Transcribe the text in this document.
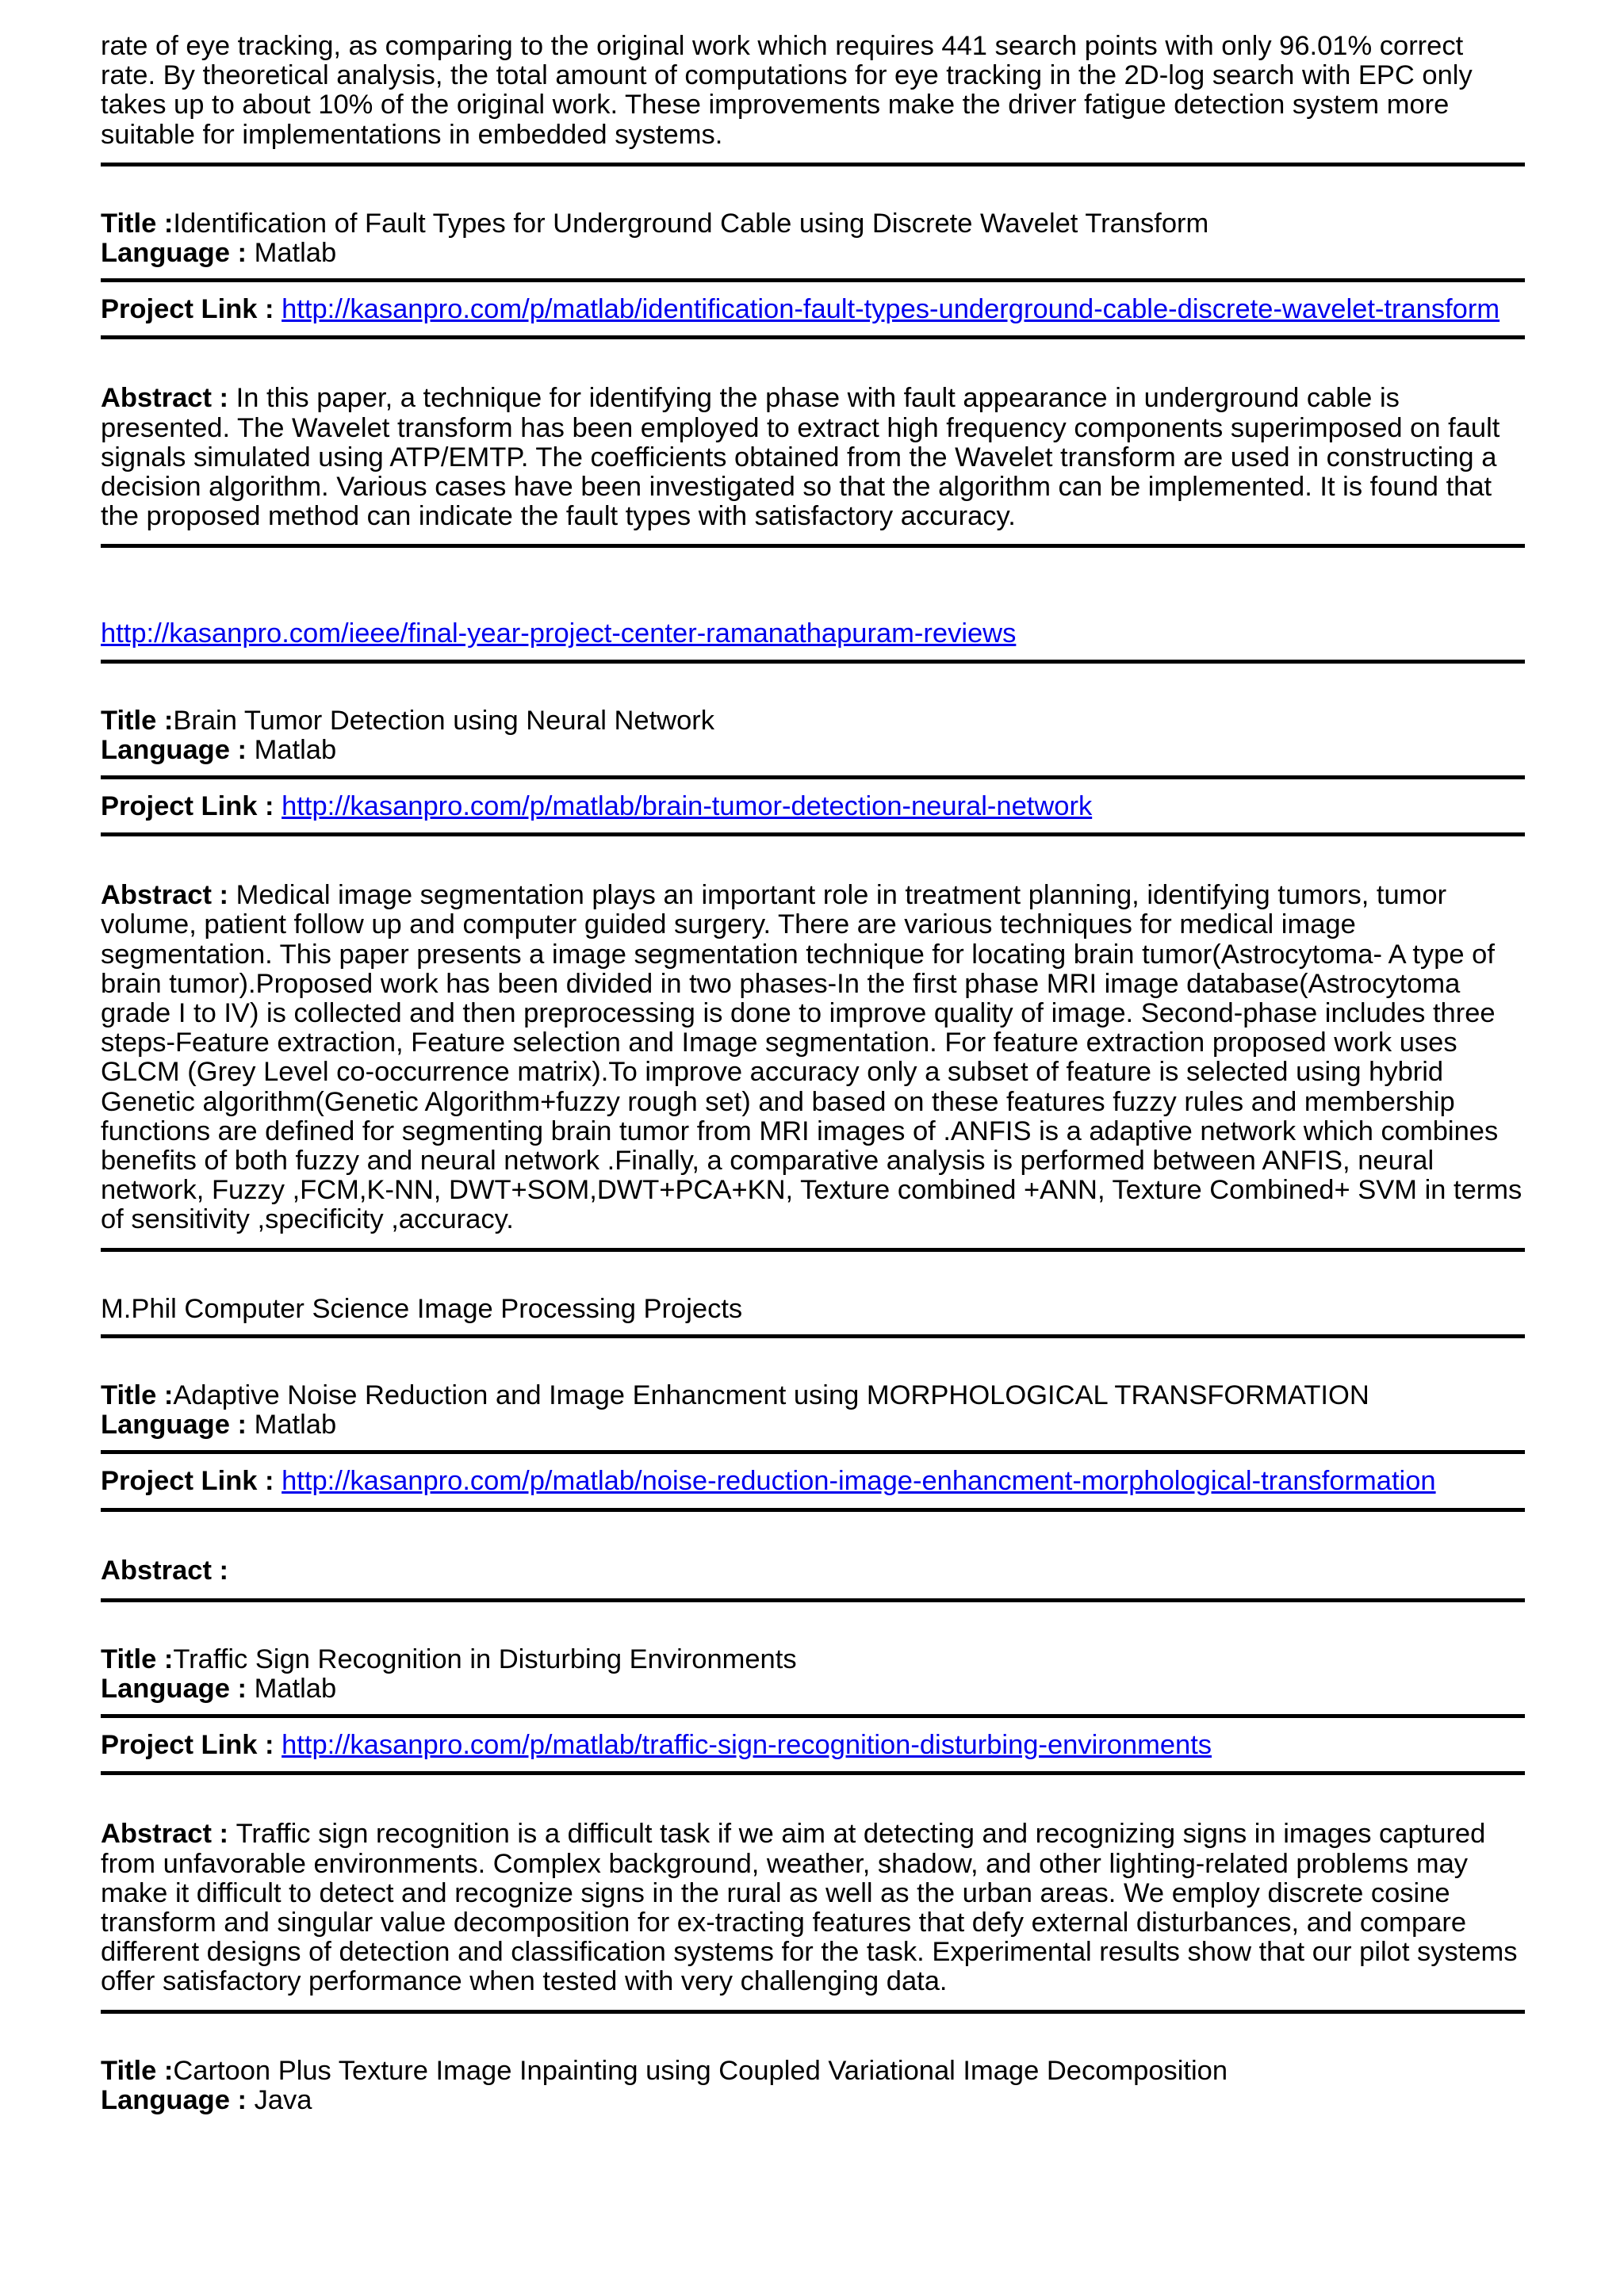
rate of eye tracking, as comparing to the original work which requires 441 search points with only 96.01% correct rate. By theoretical analysis, the total amount of computations for eye tracking in the 2D-log search with EPC only takes up to about 10% of the original work. These improvements make the driver fatigue detection system more suitable for implementations in embedded systems.

Title :Identification of Fault Types for Underground Cable using Discrete Wavelet Transform
Language : Matlab
Project Link : http://kasanpro.com/p/matlab/identification-fault-types-underground-cable-discrete-wavelet-transform

Abstract : In this paper, a technique for identifying the phase with fault appearance in underground cable is presented. The Wavelet transform has been employed to extract high frequency components superimposed on fault signals simulated using ATP/EMTP. The coefficients obtained from the Wavelet transform are used in constructing a decision algorithm. Various cases have been investigated so that the algorithm can be implemented. It is found that the proposed method can indicate the fault types with satisfactory accuracy.

http://kasanpro.com/ieee/final-year-project-center-ramanathapuram-reviews
Title :Brain Tumor Detection using Neural Network
Language : Matlab
Project Link : http://kasanpro.com/p/matlab/brain-tumor-detection-neural-network

Abstract : Medical image segmentation plays an important role in treatment planning, identifying tumors, tumor volume, patient follow up and computer guided surgery. There are various techniques for medical image segmentation. This paper presents a image segmentation technique for locating brain tumor(Astrocytoma- A type of brain tumor).Proposed work has been divided in two phases-In the first phase MRI image database(Astrocytoma grade I to IV) is collected and then preprocessing is done to improve quality of image. Second-phase includes three steps-Feature extraction, Feature selection and Image segmentation. For feature extraction proposed work uses GLCM (Grey Level co-occurrence matrix).To improve accuracy only a subset of feature is selected using hybrid Genetic algorithm(Genetic Algorithm+fuzzy rough set) and based on these features fuzzy rules and membership functions are defined for segmenting brain tumor from MRI images of .ANFIS is a adaptive network which combines benefits of both fuzzy and neural network .Finally, a comparative analysis is performed between ANFIS, neural network, Fuzzy ,FCM,K-NN, DWT+SOM,DWT+PCA+KN, Texture combined +ANN, Texture Combined+ SVM in terms of sensitivity ,specificity ,accuracy.

M.Phil Computer Science Image Processing Projects
Title :Adaptive Noise Reduction and Image Enhancment using MORPHOLOGICAL TRANSFORMATION
Language : Matlab
Project Link : http://kasanpro.com/p/matlab/noise-reduction-image-enhancment-morphological-transformation

Abstract :

Title :Traffic Sign Recognition in Disturbing Environments
Language : Matlab
Project Link : http://kasanpro.com/p/matlab/traffic-sign-recognition-disturbing-environments

Abstract : Traffic sign recognition is a difficult task if we aim at detecting and recognizing signs in images captured from unfavorable environments. Complex background, weather, shadow, and other lighting-related problems may make it difficult to detect and recognize signs in the rural as well as the urban areas. We employ discrete cosine transform and singular value decomposition for ex-tracting features that defy external disturbances, and compare different designs of detection and classification systems for the task. Experimental results show that our pilot systems offer satisfactory performance when tested with very challenging data.

Title :Cartoon Plus Texture Image Inpainting using Coupled Variational Image Decomposition
Language : Java
